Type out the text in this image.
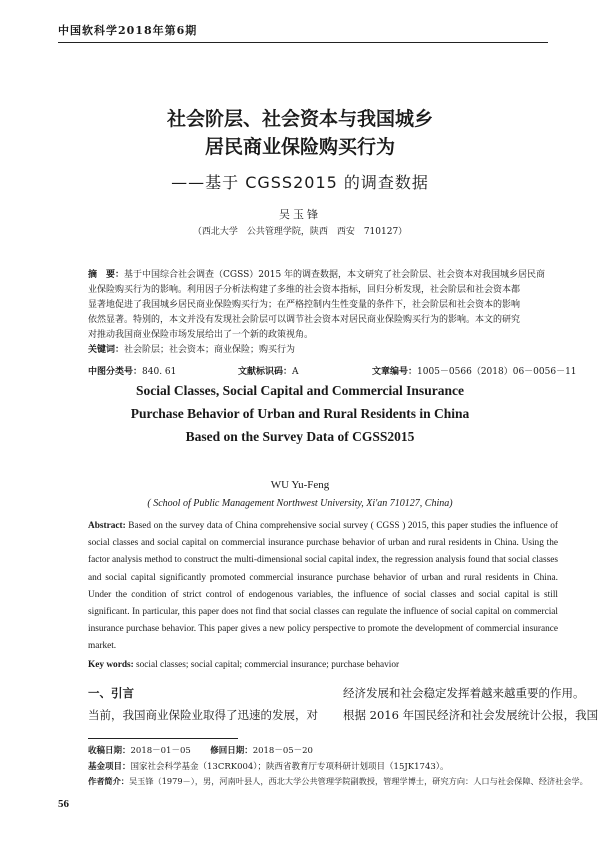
中国软科学2018年第6期
社会阶层、社会资本与我国城乡
居民商业保险购买行为
——基于 CGSS2015 的调查数据
吴玉锋
（西北大学　公共管理学院，陕西　西安　710127）
摘　要：基于中国综合社会调查（CGSS）2015 年的调查数据，本文研究了社会阶层、社会资本对我国城乡居民商
业保险购买行为的影响。利用因子分析法构建了多维的社会资本指标，回归分析发现，社会阶层和社会资本都
显著地促进了我国城乡居民商业保险购买行为；在严格控制内生性变量的条件下，社会阶层和社会资本的影响
依然显著。特别的，本文并没有发现社会阶层可以调节社会资本对居民商业保险购买行为的影响。本文的研究
对推动我国商业保险市场发展给出了一个新的政策视角。
关键词：社会阶层；社会资本；商业保险；购买行为
中图分类号：840. 61	文献标识码：A	文章编号：1005－0566（2018）06－0056－11
Social Classes, Social Capital and Commercial Insurance
Purchase Behavior of Urban and Rural Residents in China
Based on the Survey Data of CGSS2015
WU Yu-Feng
( School of Public Management Northwest University, Xi'an 710127, China)
Abstract: Based on the survey data of China comprehensive social survey ( CGSS ) 2015, this paper studies the influence of social classes and social capital on commercial insurance purchase behavior of urban and rural residents in China. Using the factor analysis method to construct the multi-dimensional social capital index, the regression analysis found that social classes and social capital significantly promoted commercial insurance purchase behavior of urban and rural residents in China. Under the condition of strict control of endogenous variables, the influence of social classes and social capital is still significant. In particular, this paper does not find that social classes can regulate the influence of social capital on commercial insurance purchase behavior. This paper gives a new policy perspective to promote the development of commercial insurance market.
Key words: social classes; social capital; commercial insurance; purchase behavior
一、引言
当前，我国商业保险业取得了迅速的发展，对
经济发展和社会稳定发挥着越来越重要的作用。
根据 2016 年国民经济和社会发展统计公报，我国
收稿日期：2018－01－05 修回日期：2018－05－20
基金项目：国家社会科学基金（13CRK004）；陕西省教育厅专项科研计划项目（15JK1743）。
作者简介：吴玉锋（1979－），男，河南叶县人，西北大学公共管理学院副教授，管理学博士，研究方向：人口与社会保障、经济社会学。
56
